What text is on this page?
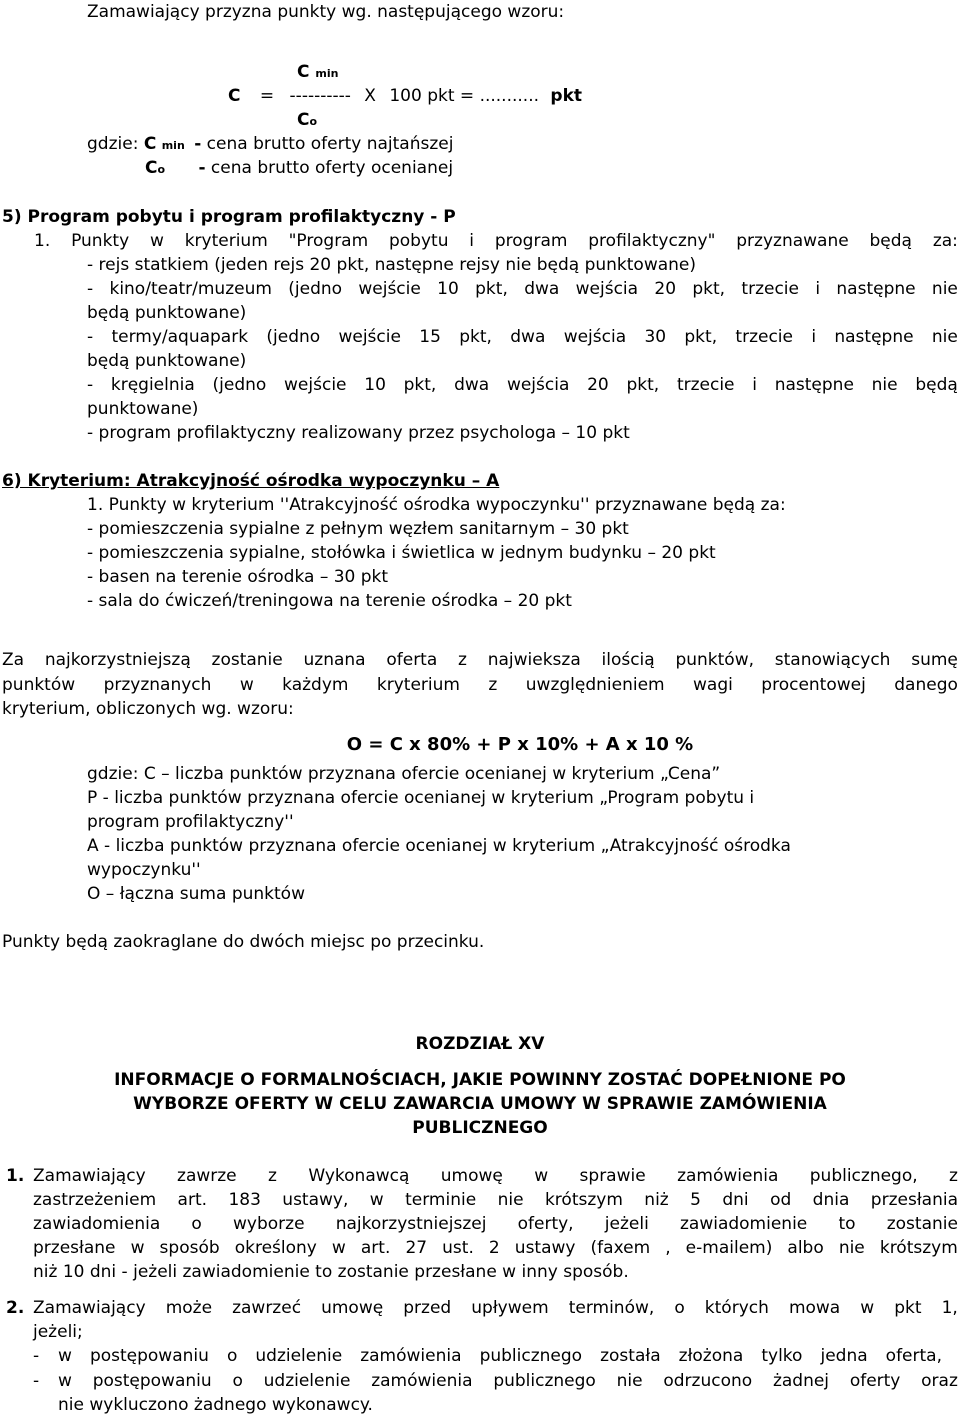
Zamawiający przyzna punkty wg. następującego wzoru:
C min
C = ---------- X 100 pkt = ........... pkt
Co
gdzie: C min - cena brutto oferty najtańszej
Co - cena brutto oferty ocenianej
5) Program pobytu i program profilaktyczny - P
1. Punkty w kryterium "Program pobytu i program profilaktyczny" przyznawane będą za:
- rejs statkiem (jeden rejs 20 pkt, następne rejsy nie będą punktowane)
- kino/teatr/muzeum (jedno wejście 10 pkt, dwa wejścia 20 pkt, trzecie i następne nie
będą punktowane)
- termy/aquapark (jedno wejście 15 pkt, dwa wejścia 30 pkt, trzecie i następne nie
będą punktowane)
- kręgielnia (jedno wejście 10 pkt, dwa wejścia 20 pkt, trzecie i następne nie będą
punktowane)
- program profilaktyczny realizowany przez psychologa – 10 pkt
6) Kryterium: Atrakcyjność ośrodka wypoczynku – A
1. Punkty w kryterium ''Atrakcyjność ośrodka wypoczynku'' przyznawane będą za:
- pomieszczenia sypialne z pełnym węzłem sanitarnym – 30 pkt
- pomieszczenia sypialne, stołówka i świetlica w jednym budynku – 20 pkt
- basen na terenie ośrodka – 30 pkt
- sala do ćwiczeń/treningowa na terenie ośrodka – 20 pkt
Za najkorzystniejszą zostanie uznana oferta z najwieksza ilością punktów, stanowiących sumę
punktów przyznanych w każdym kryterium z uwzględnieniem wagi procentowej danego
kryterium, obliczonych wg. wzoru:
O = C x 80% + P x 10% + A x 10 %
gdzie: C – liczba punktów przyznana ofercie ocenianej w kryterium „Cena”
P - liczba punktów przyznana ofercie ocenianej w kryterium „Program pobytu i
program profilaktyczny''
A - liczba punktów przyznana ofercie ocenianej w kryterium „Atrakcyjność ośrodka
wypoczynku''
O – łączna suma punktów
Punkty będą zaokraglane do dwóch miejsc po przecinku.
ROZDZIAŁ XV
INFORMACJE O FORMALNOŚCIACH, JAKIE POWINNY ZOSTAĆ DOPEŁNIONE PO
WYBORZE OFERTY W CELU ZAWARCIA UMOWY W SPRAWIE ZAMÓWIENIA
PUBLICZNEGO
1. Zamawiający zawrze z Wykonawcą umowę w sprawie zamówienia publicznego, z
zastrzeżeniem art. 183 ustawy, w terminie nie krótszym niż 5 dni od dnia przesłania
zawiadomienia o wyborze najkorzystniejszej oferty, jeżeli zawiadomienie to zostanie
przesłane w sposób określony w art. 27 ust. 2 ustawy (faxem , e-mailem) albo nie krótszym
niż 10 dni - jeżeli zawiadomienie to zostanie przesłane w inny sposób.
2. Zamawiający może zawrzeć umowę przed upływem terminów, o których mowa w pkt 1,
jeżeli;
- w postępowaniu o udzielenie zamówienia publicznego została złożona tylko jedna oferta,
- w postępowaniu o udzielenie zamówienia publicznego nie odrzucono żadnej oferty oraz
nie wykluczono żadnego wykonawcy.
